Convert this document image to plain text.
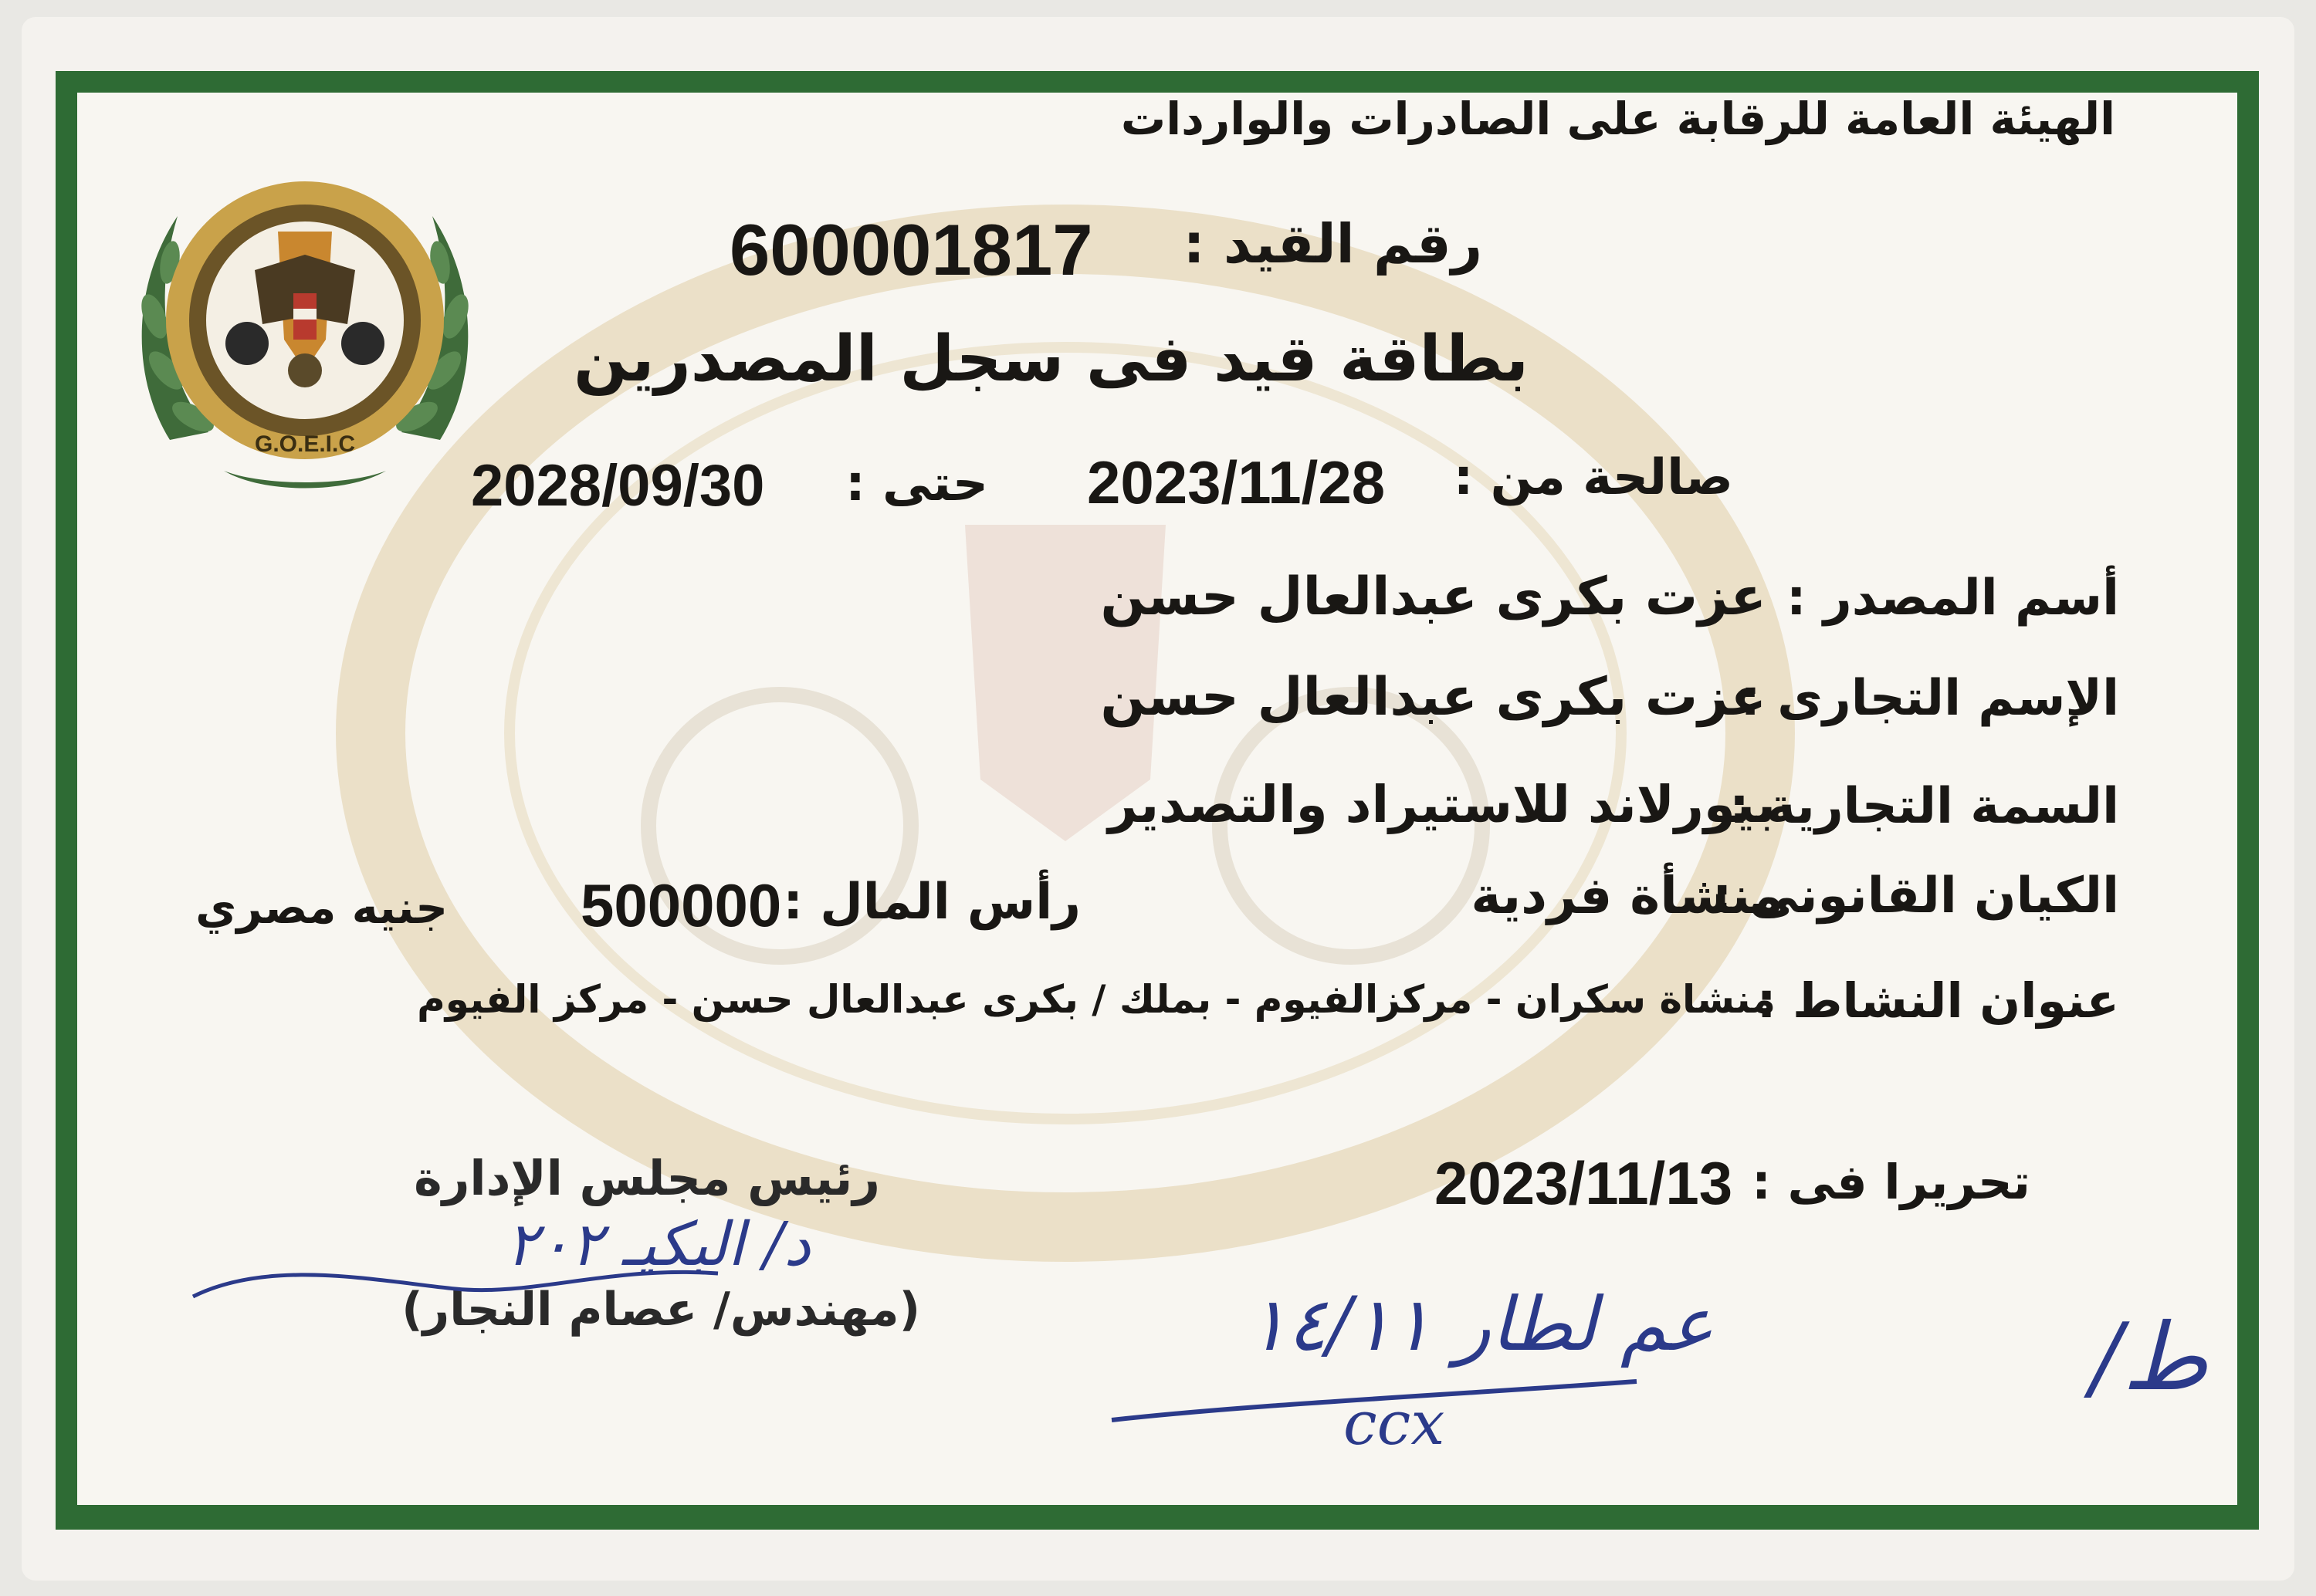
G.O.E.I.C
الهيئة العامة للرقابة على الصادرات والواردات
رقم القيد :
600001817
بطاقة قيد فى سجل المصدرين
صالحة من :
2023/11/28
حتى :
2028/09/30
أسم المصدر :
عزت بكرى عبدالعال حسن
الإسم التجارى :
عزت بكرى عبدالعال حسن
السمة التجارية :
بيورلاند للاستيراد والتصدير
الكيان القانونى :
منشأة فردية
رأس المال :
500000
جنيه مصري
عنوان النشاط :
منشاة سكران - مركزالفيوم - بملك / بكرى عبدالعال حسن - مركز الفيوم
تحريرا فى :
2023/11/13
رئيس مجلس الإدارة
(مهندس/ عصام النجار)
د/ البكيـ ٢٠٢
عم لطار ١٤/١١
ccx
ط/
